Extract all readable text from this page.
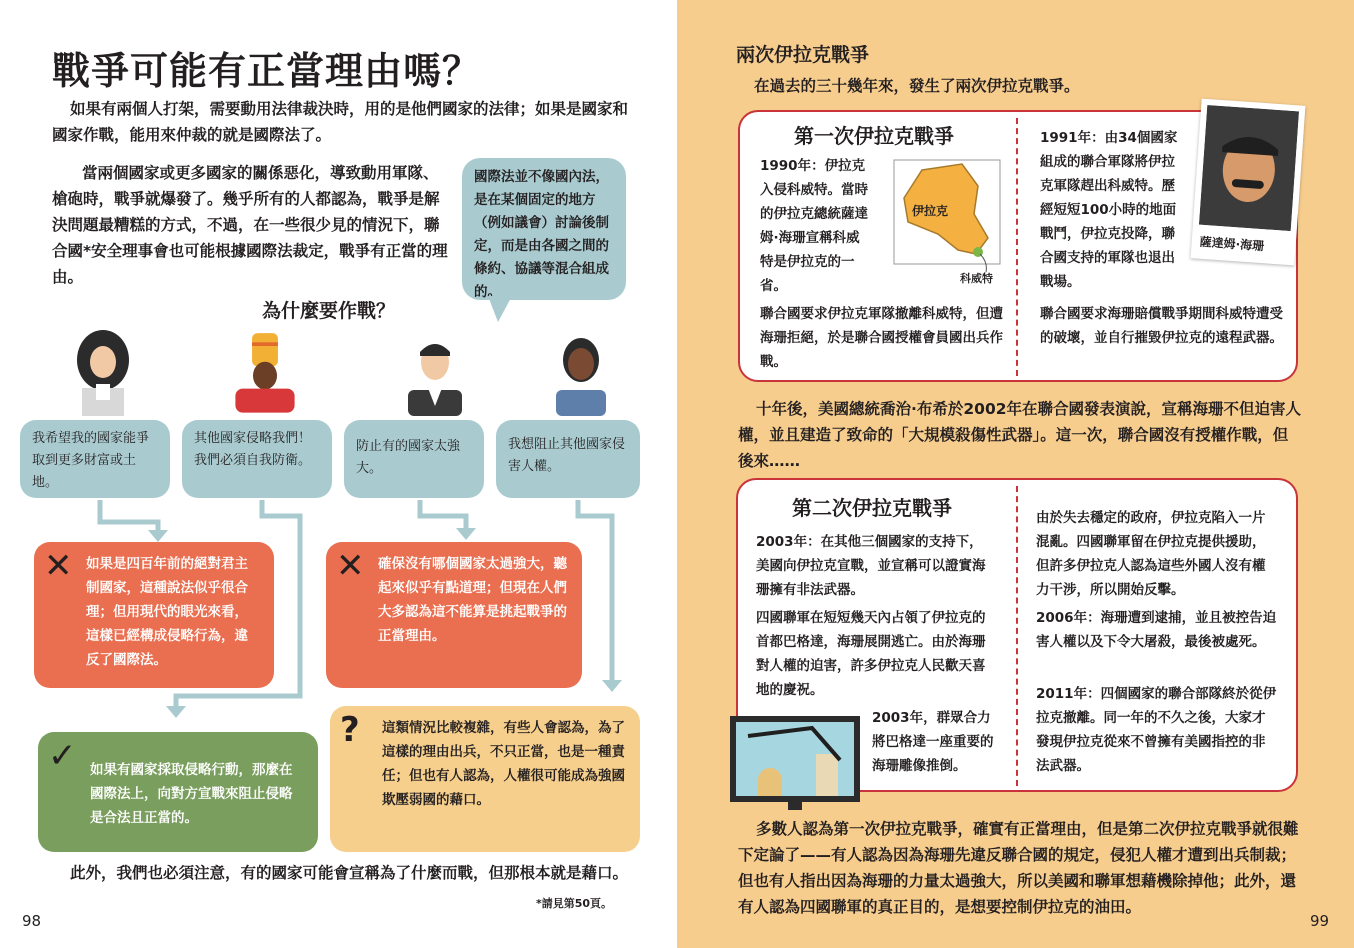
戰爭可能有正當理由嗎？
如果有兩個人打架，需要動用法律裁決時，用的是他們國家的法律；如果是國家和國家作戰，能用來仲裁的就是國際法了。
當兩個國家或更多國家的關係惡化，導致動用軍隊、槍砲時，戰爭就爆發了。幾乎所有的人都認為，戰爭是解決問題最糟糕的方式，不過，在一些很少見的情況下，聯合國*安全理事會也可能根據國際法裁定，戰爭有正當的理由。
國際法並不像國內法，是在某個固定的地方（例如議會）討論後制定，而是由各國之間的條約、協議等混合組成的。
為什麼要作戰？
我希望我的國家能爭取到更多財富或土地。
其他國家侵略我們！我們必須自我防衛。
防止有的國家太強大。
我想阻止其他國家侵害人權。
✕ 如果是四百年前的絕對君主制國家，這種說法似乎很合理；但用現代的眼光來看，這樣已經構成侵略行為，違反了國際法。
✓ 如果有國家採取侵略行動，那麼在國際法上，向對方宣戰來阻止侵略是合法且正當的。
✕ 確保沒有哪個國家太過強大，聽起來似乎有點道理；但現在人們大多認為這不能算是挑起戰爭的正當理由。
? 這類情況比較複雜，有些人會認為，為了這樣的理由出兵，不只正當，也是一種責任；但也有人認為，人權很可能成為強國欺壓弱國的藉口。
此外，我們也必須注意，有的國家可能會宣稱為了什麼而戰，但那根本就是藉口。
*請見第50頁。
98
兩次伊拉克戰爭
在過去的三十幾年來，發生了兩次伊拉克戰爭。
第一次伊拉克戰爭
1990年：伊拉克入侵科威特。當時的伊拉克總統薩達姆·海珊宣稱科威特是伊拉克的一省。
伊拉克
科威特
聯合國要求伊拉克軍隊撤離科威特，但遭海珊拒絕，於是聯合國授權會員國出兵作戰。
1991年：由34個國家組成的聯合軍隊將伊拉克軍隊趕出科威特。歷經短短100小時的地面戰鬥，伊拉克投降，聯合國支持的軍隊也退出戰場。
薩達姆·海珊
聯合國要求海珊賠償戰爭期間科威特遭受的破壞，並自行摧毀伊拉克的遠程武器。
十年後，美國總統喬治·布希於2002年在聯合國發表演說，宣稱海珊不但迫害人權，並且建造了致命的「大規模殺傷性武器」。這一次，聯合國沒有授權作戰，但後來……
第二次伊拉克戰爭
2003年：在其他三個國家的支持下，美國向伊拉克宣戰，並宣稱可以證實海珊擁有非法武器。
四國聯軍在短短幾天內占領了伊拉克的首都巴格達，海珊展開逃亡。由於海珊對人權的迫害，許多伊拉克人民歡天喜地的慶祝。
2003年，群眾合力將巴格達一座重要的海珊雕像推倒。
由於失去穩定的政府，伊拉克陷入一片混亂。四國聯軍留在伊拉克提供援助，但許多伊拉克人認為這些外國人沒有權力干涉，所以開始反擊。
2006年：海珊遭到逮捕，並且被控告迫害人權以及下令大屠殺，最後被處死。
2011年：四個國家的聯合部隊終於從伊拉克撤離。同一年的不久之後，大家才發現伊拉克從來不曾擁有美國指控的非法武器。
多數人認為第一次伊拉克戰爭，確實有正當理由，但是第二次伊拉克戰爭就很難下定論了——有人認為因為海珊先違反聯合國的規定，侵犯人權才遭到出兵制裁；但也有人指出因為海珊的力量太過強大，所以美國和聯軍想藉機除掉他；此外，還有人認為四國聯軍的真正目的，是想要控制伊拉克的油田。
99
